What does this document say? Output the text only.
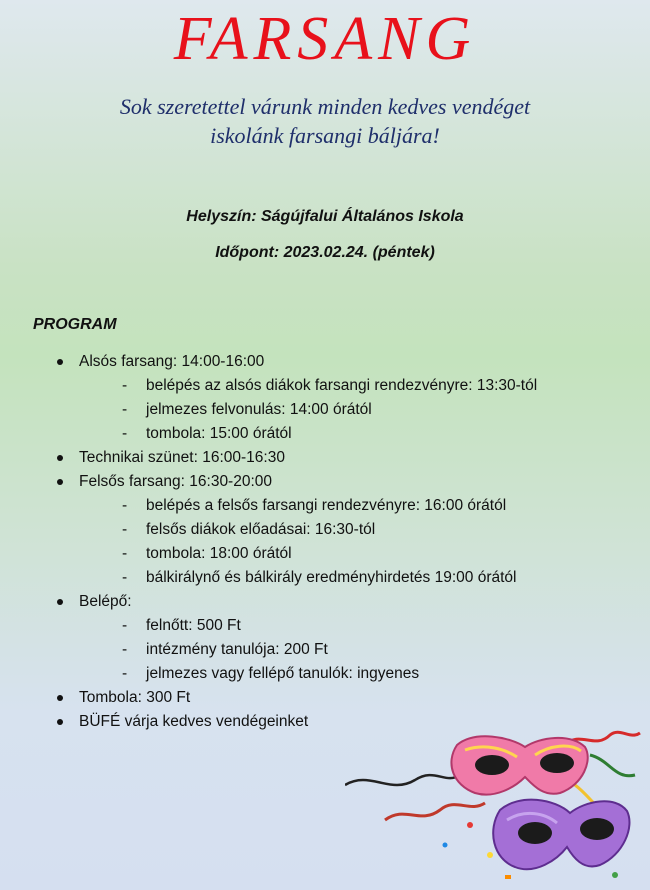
FARSANG
Sok szeretettel várunk minden kedves vendéget
iskolánk farsangi báljára!
Helyszín: Ságújfalui Általános Iskola
Időpont: 2023.02.24. (péntek)
PROGRAM
Alsós farsang: 14:00-16:00
- belépés az alsós diákok farsangi rendezvényre: 13:30-tól
- jelmezes felvonulás: 14:00 órától
- tombola: 15:00 órától
Technikai szünet: 16:00-16:30
Felsős farsang: 16:30-20:00
- belépés a felsős farsangi rendezvényre: 16:00 órától
- felsős diákok előadásai: 16:30-tól
- tombola: 18:00 órától
- bálkirálynő és bálkirály eredményhirdetés 19:00 órától
Belépő:
- felnőtt: 500 Ft
- intézmény tanulója: 200 Ft
- jelmezes vagy fellépő tanulók: ingyenes
Tombola: 300 Ft
BÜFÉ várja kedves vendégeinket
